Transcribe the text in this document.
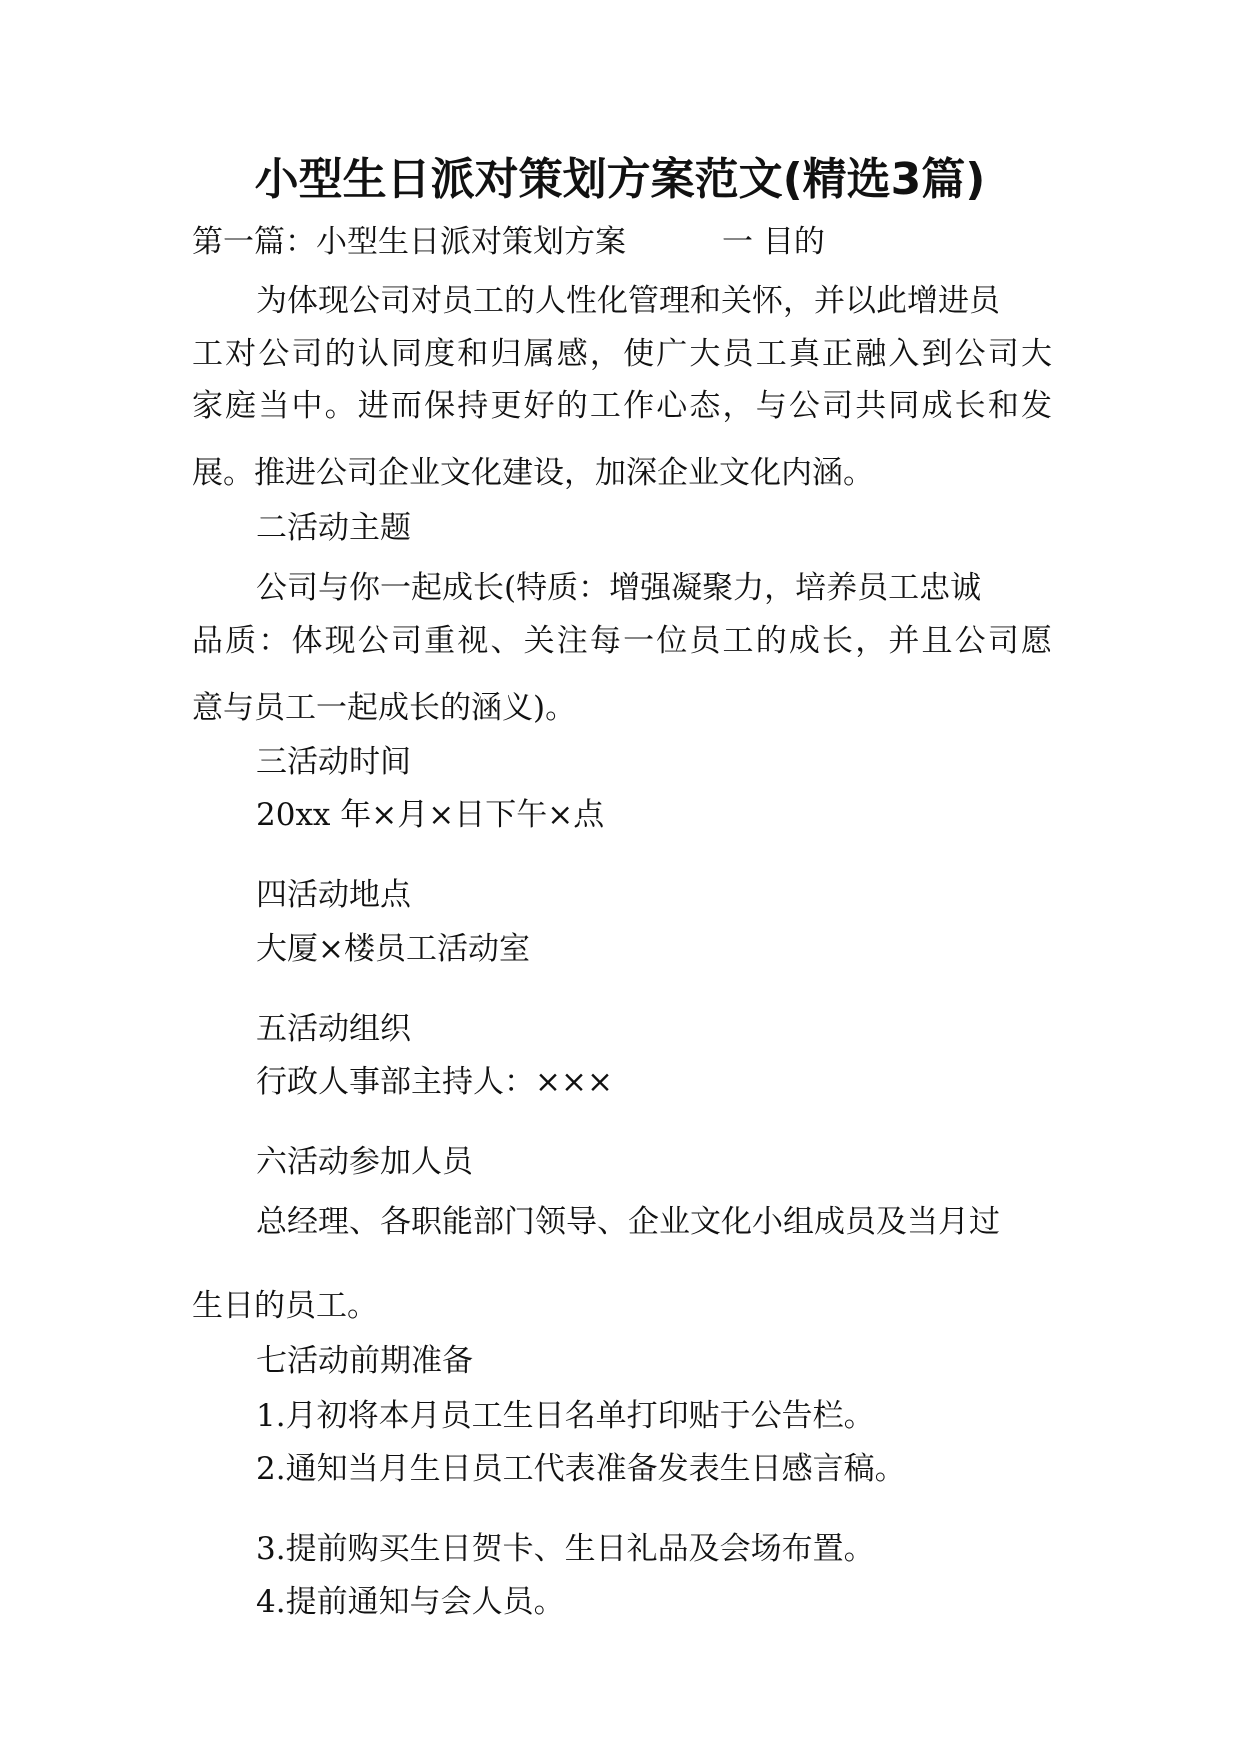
小型生日派对策划方案范文(精选3篇)
第一篇：小型生日派对策划方案	一 目的
为体现公司对员工的人性化管理和关怀，并以此增进员
工对公司的认同度和归属感，使广大员工真正融入到公司大
家庭当中。进而保持更好的工作心态，与公司共同成长和发
展。推进公司企业文化建设，加深企业文化内涵。
二活动主题
公司与你一起成长(特质：增强凝聚力，培养员工忠诚
品质：体现公司重视、关注每一位员工的成长，并且公司愿
意与员工一起成长的涵义)。
三活动时间
20xx 年×月×日下午×点
四活动地点
大厦×楼员工活动室
五活动组织
行政人事部主持人：×××
六活动参加人员
总经理、各职能部门领导、企业文化小组成员及当月过
生日的员工。
七活动前期准备
1.月初将本月员工生日名单打印贴于公告栏。
2.通知当月生日员工代表准备发表生日感言稿。
3.提前购买生日贺卡、生日礼品及会场布置。
4.提前通知与会人员。
